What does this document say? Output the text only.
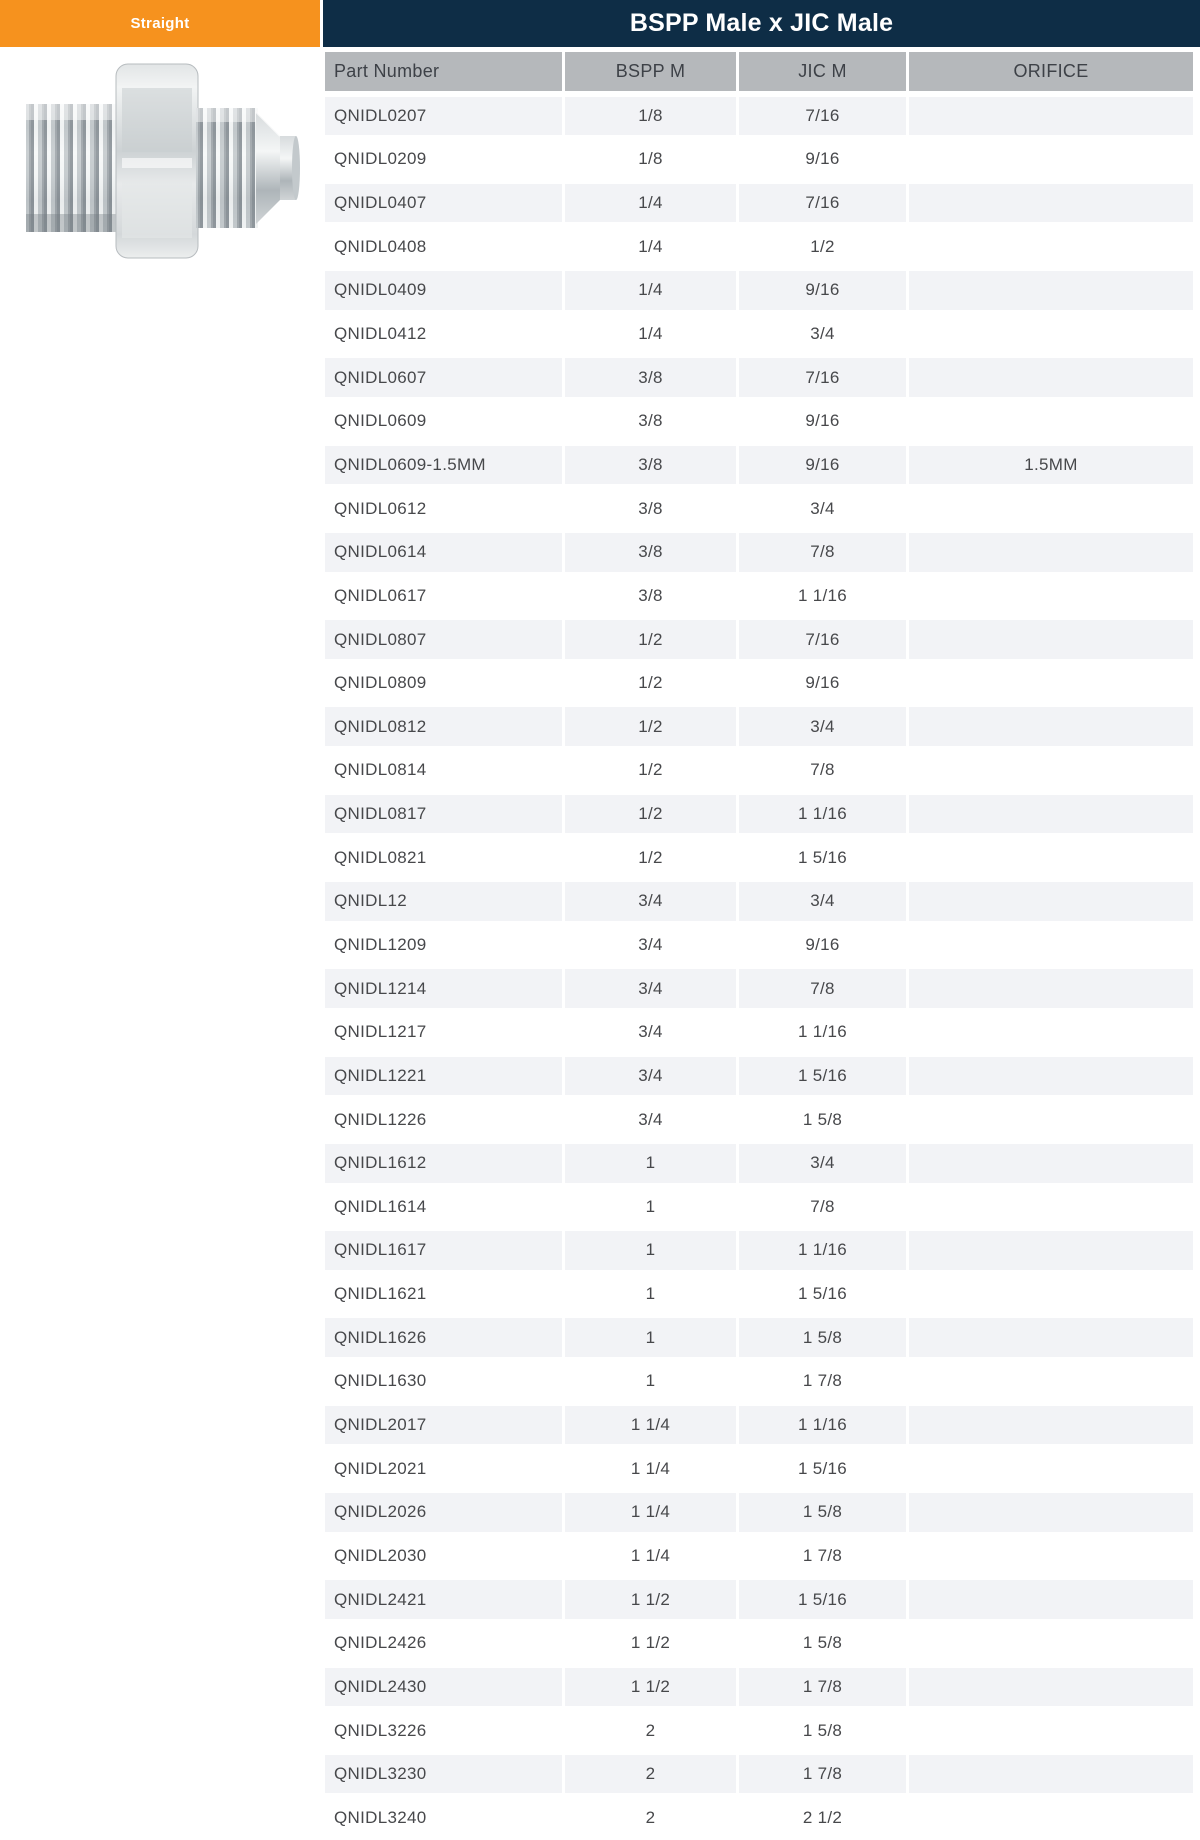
Straight	BSPP Male x JIC Male
Part Number	BSPP M	JIC M	ORIFICE
QNIDL0207	1/8	7/16
QNIDL0209	1/8	9/16
QNIDL0407	1/4	7/16
QNIDL0408	1/4	1/2
QNIDL0409	1/4	9/16
QNIDL0412	1/4	3/4
QNIDL0607	3/8	7/16
QNIDL0609	3/8	9/16
QNIDL0609-1.5MM	3/8	9/16	1.5MM
QNIDL0612	3/8	3/4
QNIDL0614	3/8	7/8
QNIDL0617	3/8	1 1/16
QNIDL0807	1/2	7/16
QNIDL0809	1/2	9/16
QNIDL0812	1/2	3/4
QNIDL0814	1/2	7/8
QNIDL0817	1/2	1 1/16
QNIDL0821	1/2	1 5/16
QNIDL12	3/4	3/4
QNIDL1209	3/4	9/16
QNIDL1214	3/4	7/8
QNIDL1217	3/4	1 1/16
QNIDL1221	3/4	1 5/16
QNIDL1226	3/4	1 5/8
QNIDL1612	1	3/4
QNIDL1614	1	7/8
QNIDL1617	1	1 1/16
QNIDL1621	1	1 5/16
QNIDL1626	1	1 5/8
QNIDL1630	1	1 7/8
QNIDL2017	1 1/4	1 1/16
QNIDL2021	1 1/4	1 5/16
QNIDL2026	1 1/4	1 5/8
QNIDL2030	1 1/4	1 7/8
QNIDL2421	1 1/2	1 5/16
QNIDL2426	1 1/2	1 5/8
QNIDL2430	1 1/2	1 7/8
QNIDL3226	2	1 5/8
QNIDL3230	2	1 7/8
QNIDL3240	2	2 1/2
